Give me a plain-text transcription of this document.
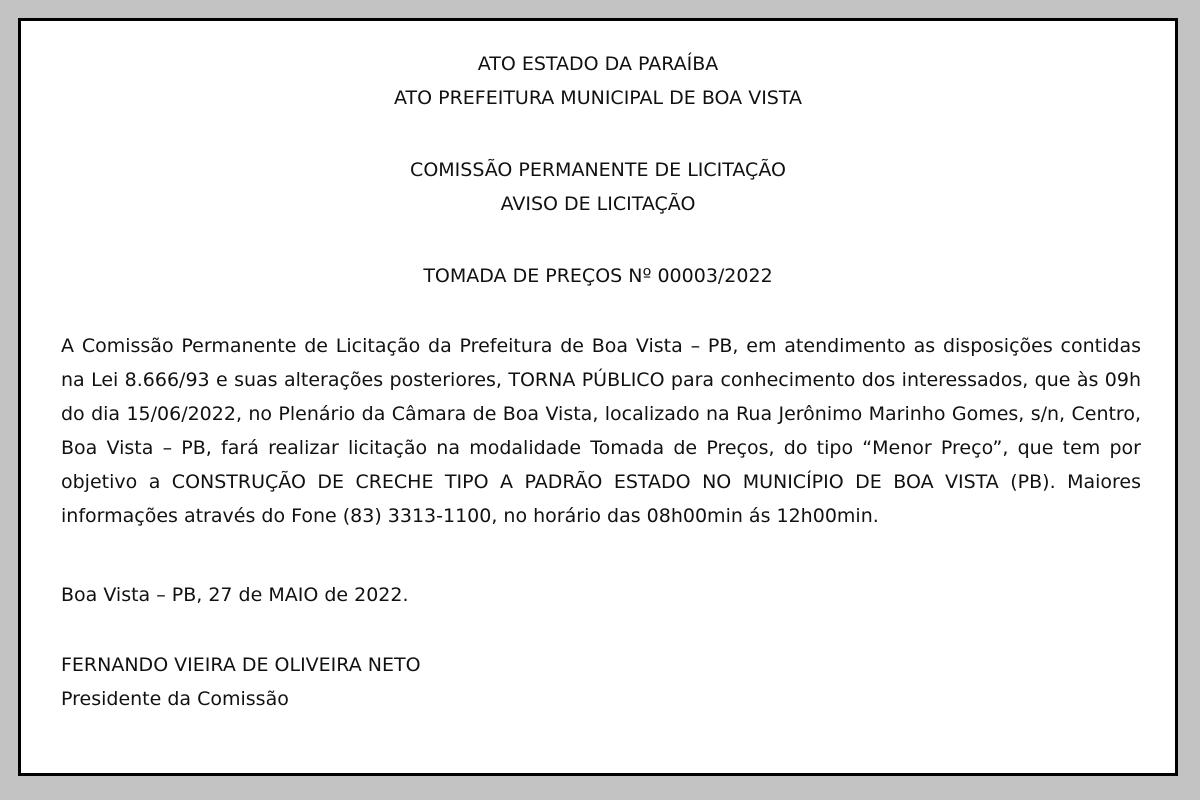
ATO ESTADO DA PARAÍBA
ATO PREFEITURA MUNICIPAL DE BOA VISTA
COMISSÃO PERMANENTE DE LICITAÇÃO
AVISO DE LICITAÇÃO
TOMADA DE PREÇOS Nº 00003/2022

A Comissão Permanente de Licitação da Prefeitura de Boa Vista – PB, em atendimento as disposições contidas na Lei 8.666/93 e suas alterações posteriores, TORNA PÚBLICO para conhecimento dos interessados, que às 09h do dia 15/06/2022, no Plenário da Câmara de Boa Vista, localizado na Rua Jerônimo Marinho Gomes, s/n, Centro, Boa Vista – PB, fará realizar licitação na modalidade Tomada de Preços, do tipo “Menor Preço”, que tem por objetivo a CONSTRUÇÃO DE CRECHE TIPO A PADRÃO ESTADO NO MUNICÍPIO DE BOA VISTA (PB). Maiores informações através do Fone (83) 3313-1100, no horário das 08h00min ás 12h00min.

Boa Vista – PB, 27 de MAIO de 2022.
FERNANDO VIEIRA DE OLIVEIRA NETO
Presidente da Comissão
